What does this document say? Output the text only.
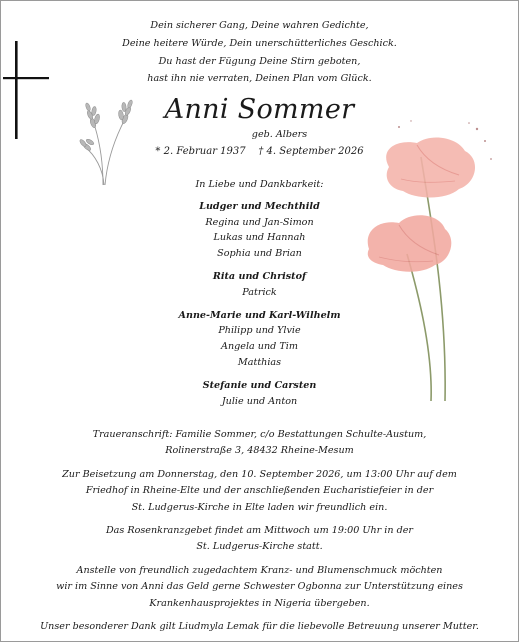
Dein sicherer Gang, Deine wahren Gedichte,
Deine heitere Würde, Dein unerschütterliches Geschick.
Du hast der Fügung Deine Stirn geboten,
hast ihn nie verraten, Deinen Plan vom Glück.
Anni Sommer
geb. Albers
* 2. Februar 1937    † 4. September 2026
In Liebe und Dankbarkeit:
Ludger und Mechthild
Regina und Jan-Simon
Lukas und Hannah
Sophia und Brian
Rita und Christof
Patrick
Anne-Marie und Karl-Wilhelm
Philipp und Ylvie
Angela und Tim
Matthias
Stefanie und Carsten
Julie und Anton

Traueranschrift: Familie Sommer, c/o Bestattungen Schulte-Austum,
Rolinerstraße 3, 48432 Rheine-Mesum

Zur Beisetzung am Donnerstag, den 10. September 2026, um 13:00 Uhr auf dem
Friedhof in Rheine-Elte und der anschließenden Eucharistiefeier in der
St. Ludgerus-Kirche in Elte laden wir freundlich ein.

Das Rosenkranzgebet findet am Mittwoch um 19:00 Uhr in der
St. Ludgerus-Kirche statt.

Anstelle von freundlich zugedachtem Kranz- und Blumenschmuck möchten
wir im Sinne von Anni das Geld gerne Schwester Ogbonna zur Unterstützung eines
Krankenhausprojektes in Nigeria übergeben.

Unser besonderer Dank gilt Liudmyla Lemak für die liebevolle Betreuung unserer Mutter.
